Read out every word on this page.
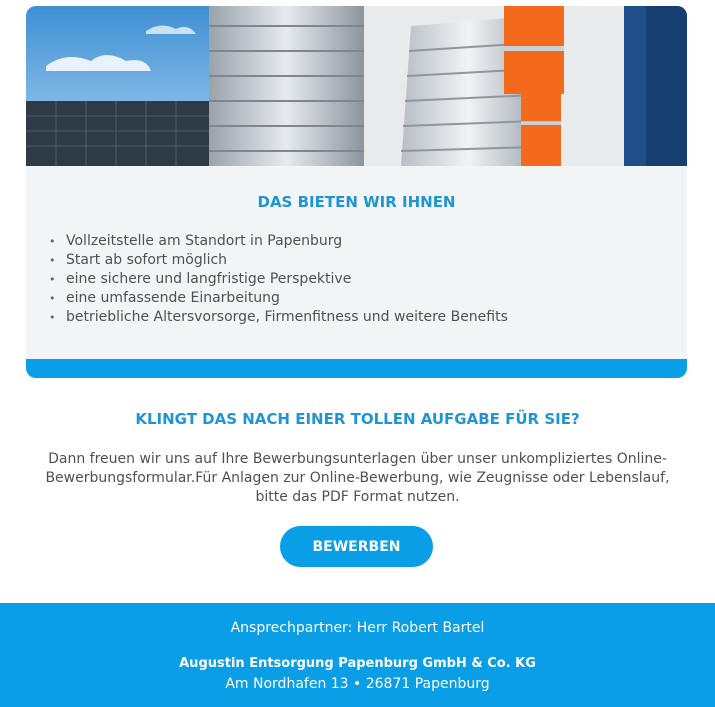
DAS BIETEN WIR IHNEN
• Vollzeitstelle am Standort in Papenburg
• Start ab sofort möglich
• eine sichere und langfristige Perspektive
• eine umfassende Einarbeitung
• betriebliche Altersvorsorge, Firmenfitness und weitere Benefits
KLINGT DAS NACH EINER TOLLEN AUFGABE FÜR SIE?

Dann freuen wir uns auf Ihre Bewerbungsunterlagen über unser unkompliziertes Online-Bewerbungsformular.Für Anlagen zur Online-Bewerbung, wie Zeugnisse oder Lebenslauf, bitte das PDF Format nutzen.

BEWERBEN
Ansprechpartner: Herr Robert Bartel
Augustin Entsorgung Papenburg GmbH & Co. KG
Am Nordhafen 13 • 26871 Papenburg
